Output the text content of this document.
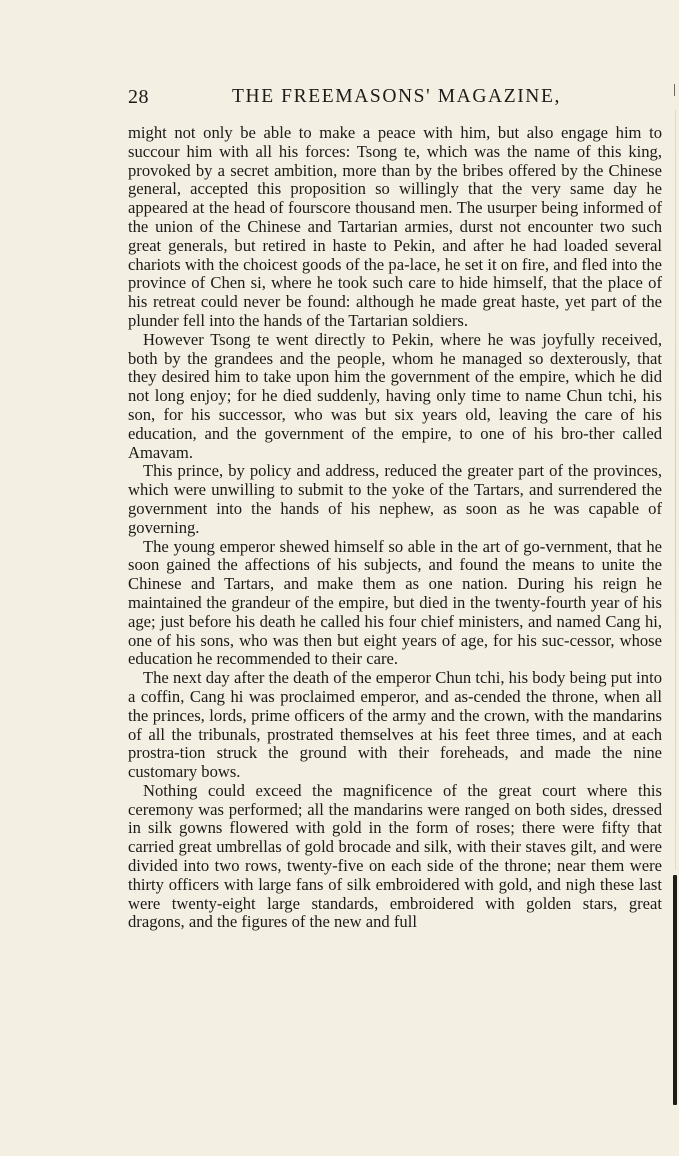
28	THE FREEMASONS' MAGAZINE,

might not only be able to make a peace with him, but also engage him to succour him with all his forces: Tsong te, which was the name of this king, provoked by a secret ambition, more than by the bribes offered by the Chinese general, accepted this proposition so willingly that the very same day he appeared at the head of fourscore thousand men. The usurper being informed of the union of the Chinese and Tartarian armies, durst not encounter two such great generals, but retired in haste to Pekin, and after he had loaded several chariots with the choicest goods of the pa-lace, he set it on fire, and fled into the province of Chen si, where he took such care to hide himself, that the place of his retreat could never be found: although he made great haste, yet part of the plunder fell into the hands of the Tartarian soldiers.

However Tsong te went directly to Pekin, where he was joyfully received, both by the grandees and the people, whom he managed so dexterously, that they desired him to take upon him the government of the empire, which he did not long enjoy; for he died suddenly, having only time to name Chun tchi, his son, for his successor, who was but six years old, leaving the care of his education, and the government of the empire, to one of his bro-ther called Amavam.

This prince, by policy and address, reduced the greater part of the provinces, which were unwilling to submit to the yoke of the Tartars, and surrendered the government into the hands of his nephew, as soon as he was capable of governing.

The young emperor shewed himself so able in the art of go-vernment, that he soon gained the affections of his subjects, and found the means to unite the Chinese and Tartars, and make them as one nation. During his reign he maintained the grandeur of the empire, but died in the twenty-fourth year of his age; just before his death he called his four chief ministers, and named Cang hi, one of his sons, who was then but eight years of age, for his suc-cessor, whose education he recommended to their care.

The next day after the death of the emperor Chun tchi, his body being put into a coffin, Cang hi was proclaimed emperor, and as-cended the throne, when all the princes, lords, prime officers of the army and the crown, with the mandarins of all the tribunals, prostrated themselves at his feet three times, and at each prostra-tion struck the ground with their foreheads, and made the nine customary bows.

Nothing could exceed the magnificence of the great court where this ceremony was performed; all the mandarins were ranged on both sides, dressed in silk gowns flowered with gold in the form of roses; there were fifty that carried great umbrellas of gold brocade and silk, with their staves gilt, and were divided into two rows, twenty-five on each side of the throne; near them were thirty officers with large fans of silk embroidered with gold, and nigh these last were twenty-eight large standards, embroidered with golden stars, great dragons, and the figures of the new and full
